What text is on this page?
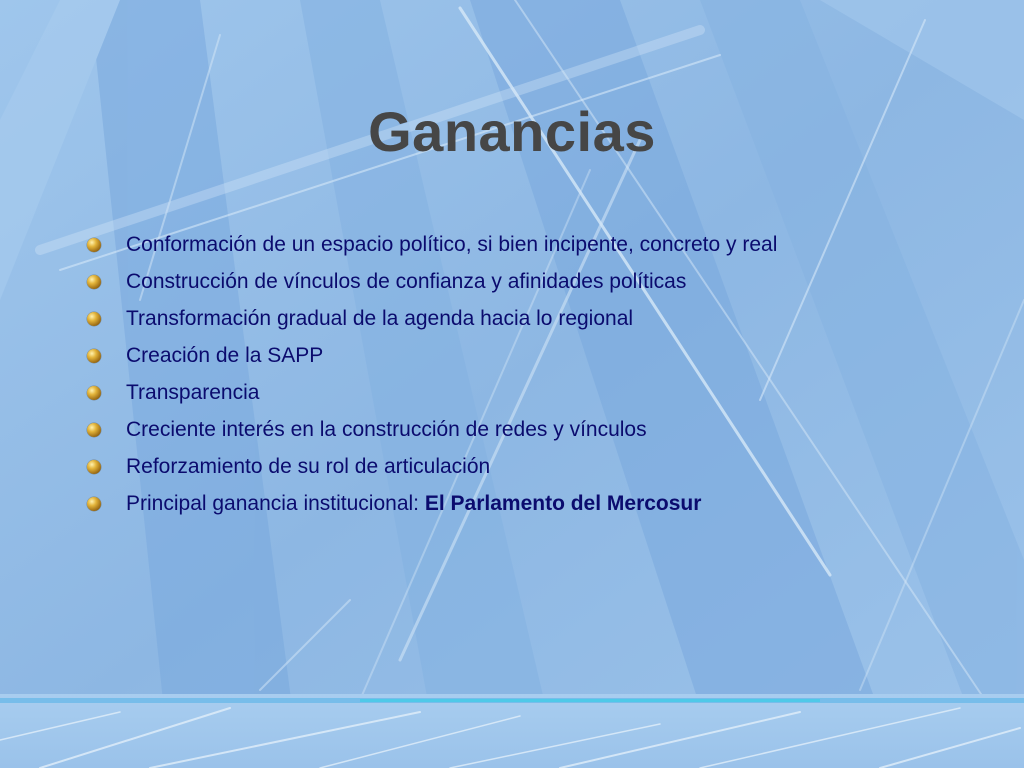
Ganancias
Conformación de un espacio político, si bien incipente, concreto y real
Construcción de vínculos de confianza y afinidades políticas
Transformación gradual de la agenda hacia lo regional
Creación de la SAPP
Transparencia
Creciente interés en la construcción de redes y vínculos
Reforzamiento de su rol de articulación
Principal ganancia institucional: El Parlamento del Mercosur
